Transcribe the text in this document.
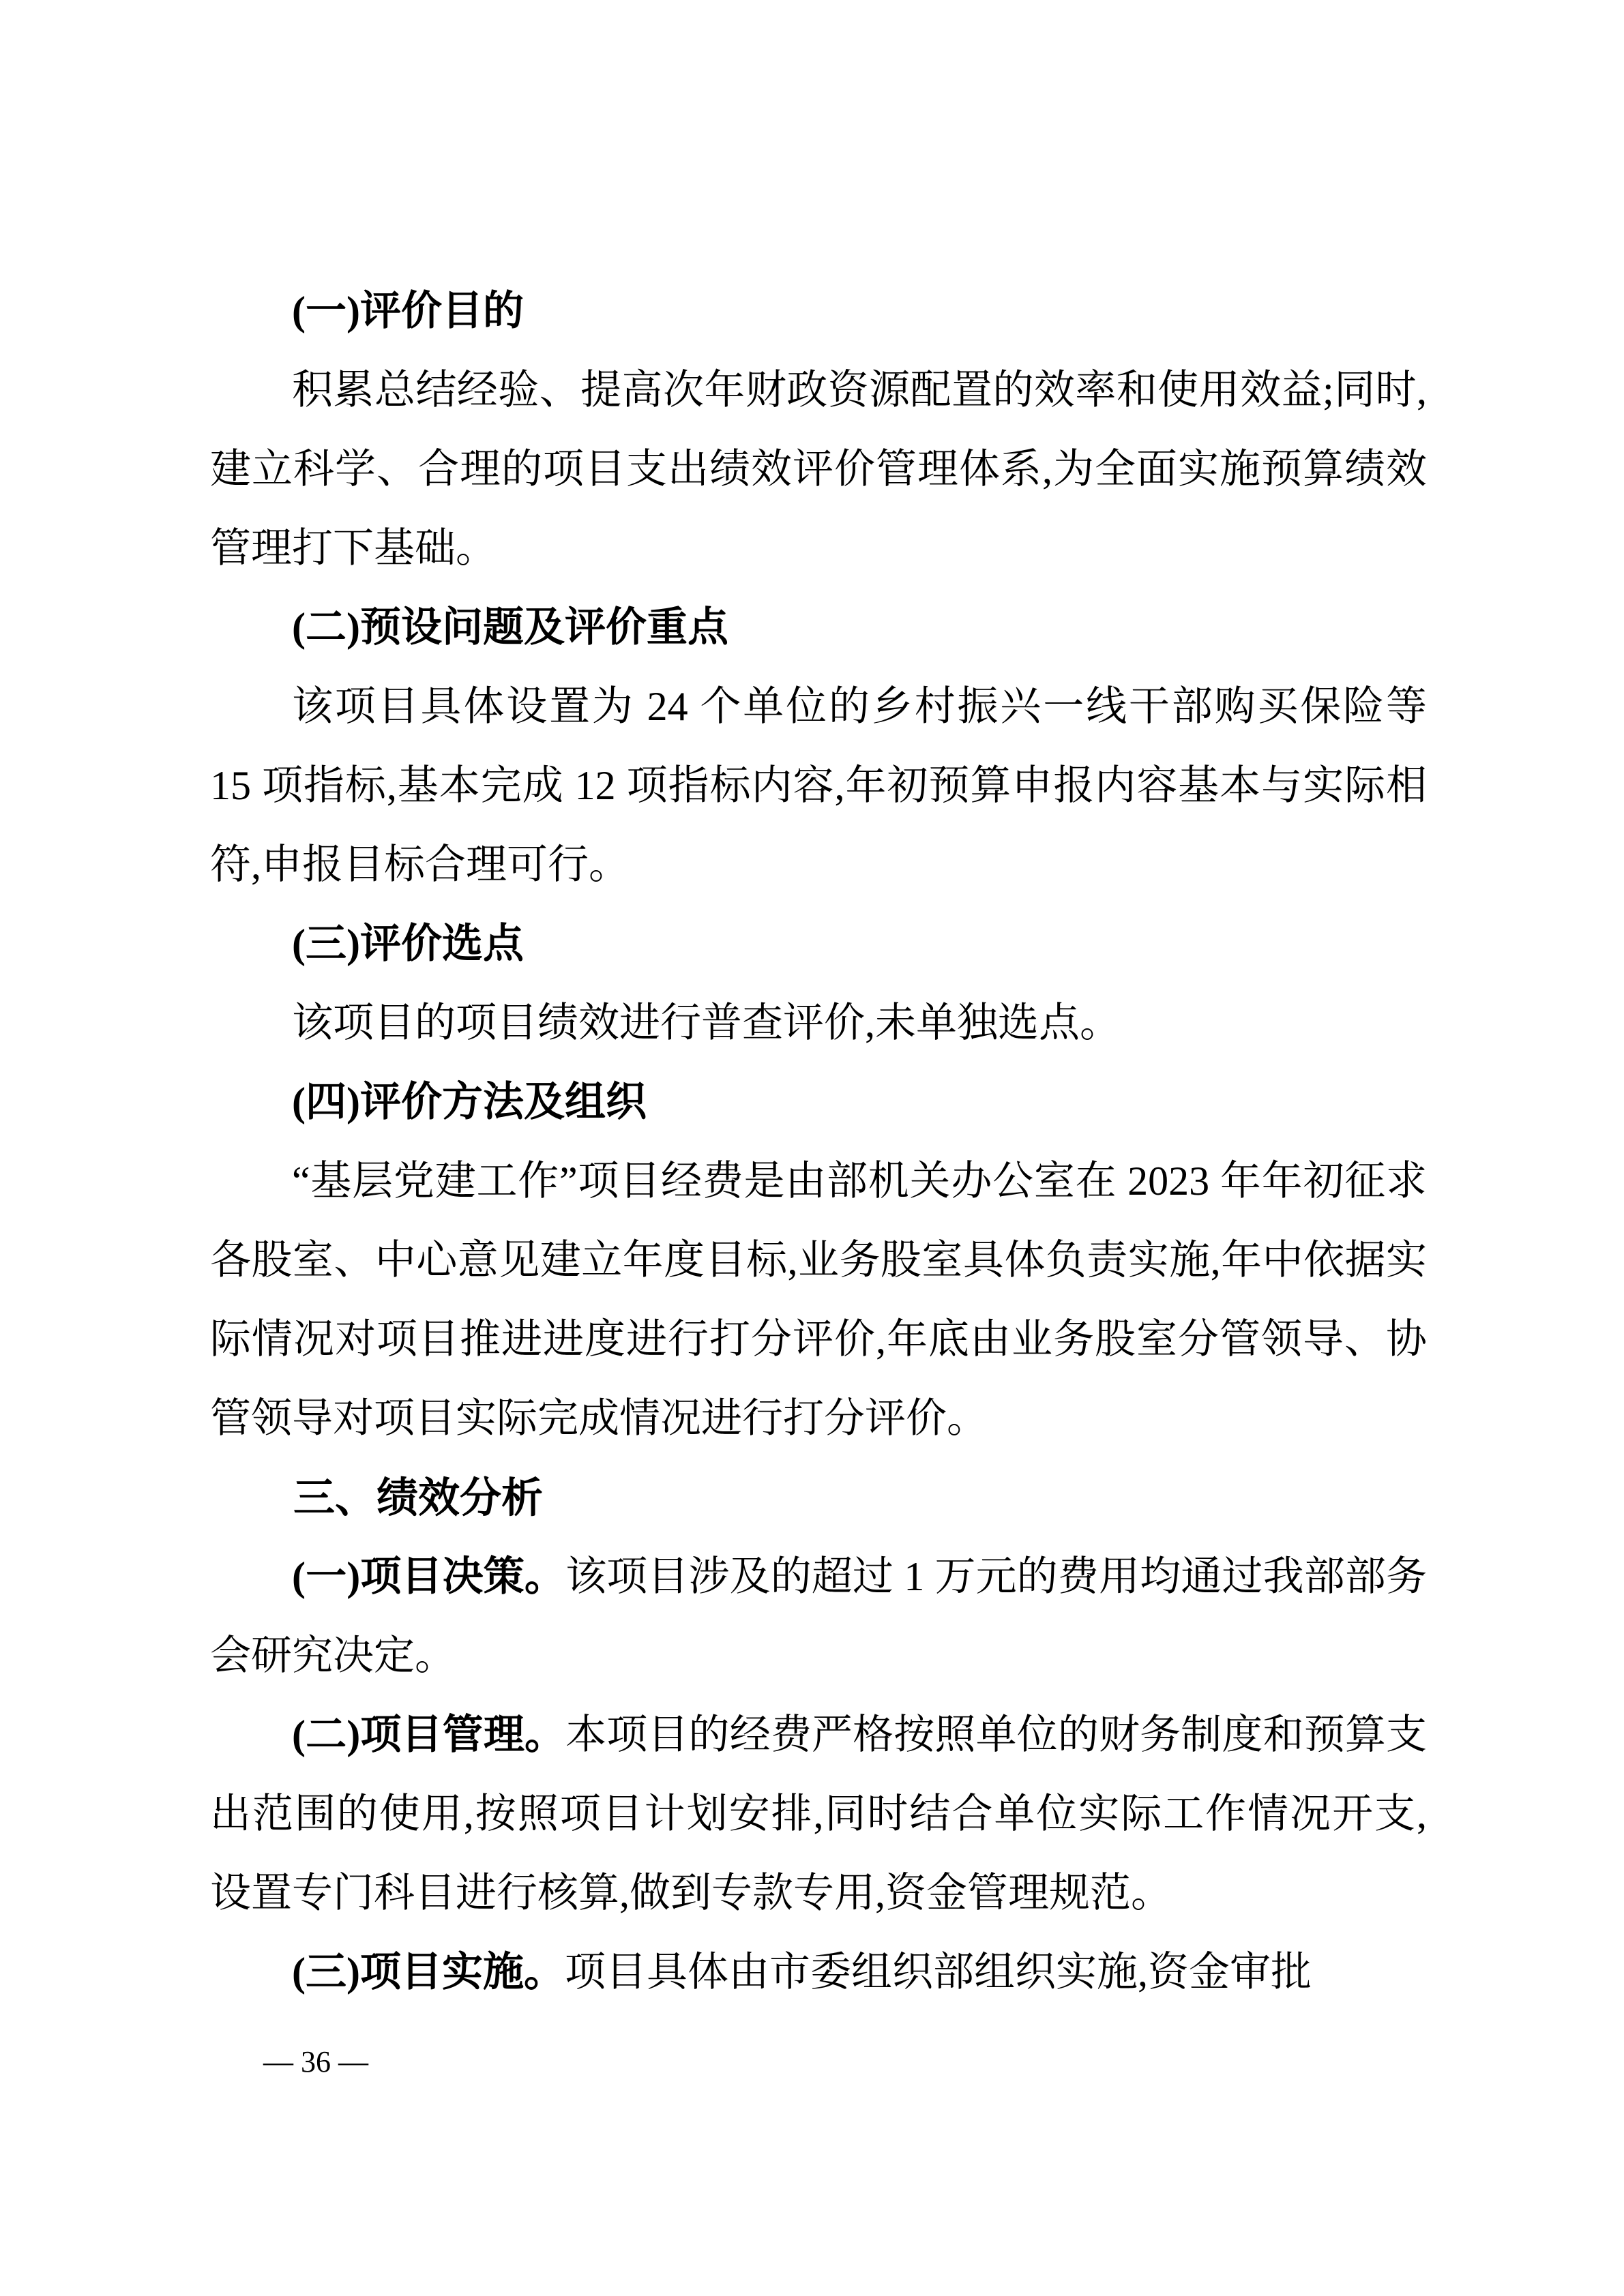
(一)评价目的

积累总结经验、提高次年财政资源配置的效率和使用效益;同时,建立科学、合理的项目支出绩效评价管理体系,为全面实施预算绩效管理打下基础。

(二)预设问题及评价重点

该项目具体设置为 24 个单位的乡村振兴一线干部购买保险等 15 项指标,基本完成 12 项指标内容,年初预算申报内容基本与实际相符,申报目标合理可行。

(三)评价选点

该项目的项目绩效进行普查评价,未单独选点。

(四)评价方法及组织

“基层党建工作”项目经费是由部机关办公室在 2023 年年初征求各股室、中心意见建立年度目标,业务股室具体负责实施,年中依据实际情况对项目推进进度进行打分评价,年底由业务股室分管领导、协管领导对项目实际完成情况进行打分评价。

三、绩效分析

(一)项目决策。该项目涉及的超过 1 万元的费用均通过我部部务会研究决定。

(二)项目管理。本项目的经费严格按照单位的财务制度和预算支出范围的使用,按照项目计划安排,同时结合单位实际工作情况开支,设置专门科目进行核算,做到专款专用,资金管理规范。

(三)项目实施。项目具体由市委组织部组织实施,资金审批

— 36 —
